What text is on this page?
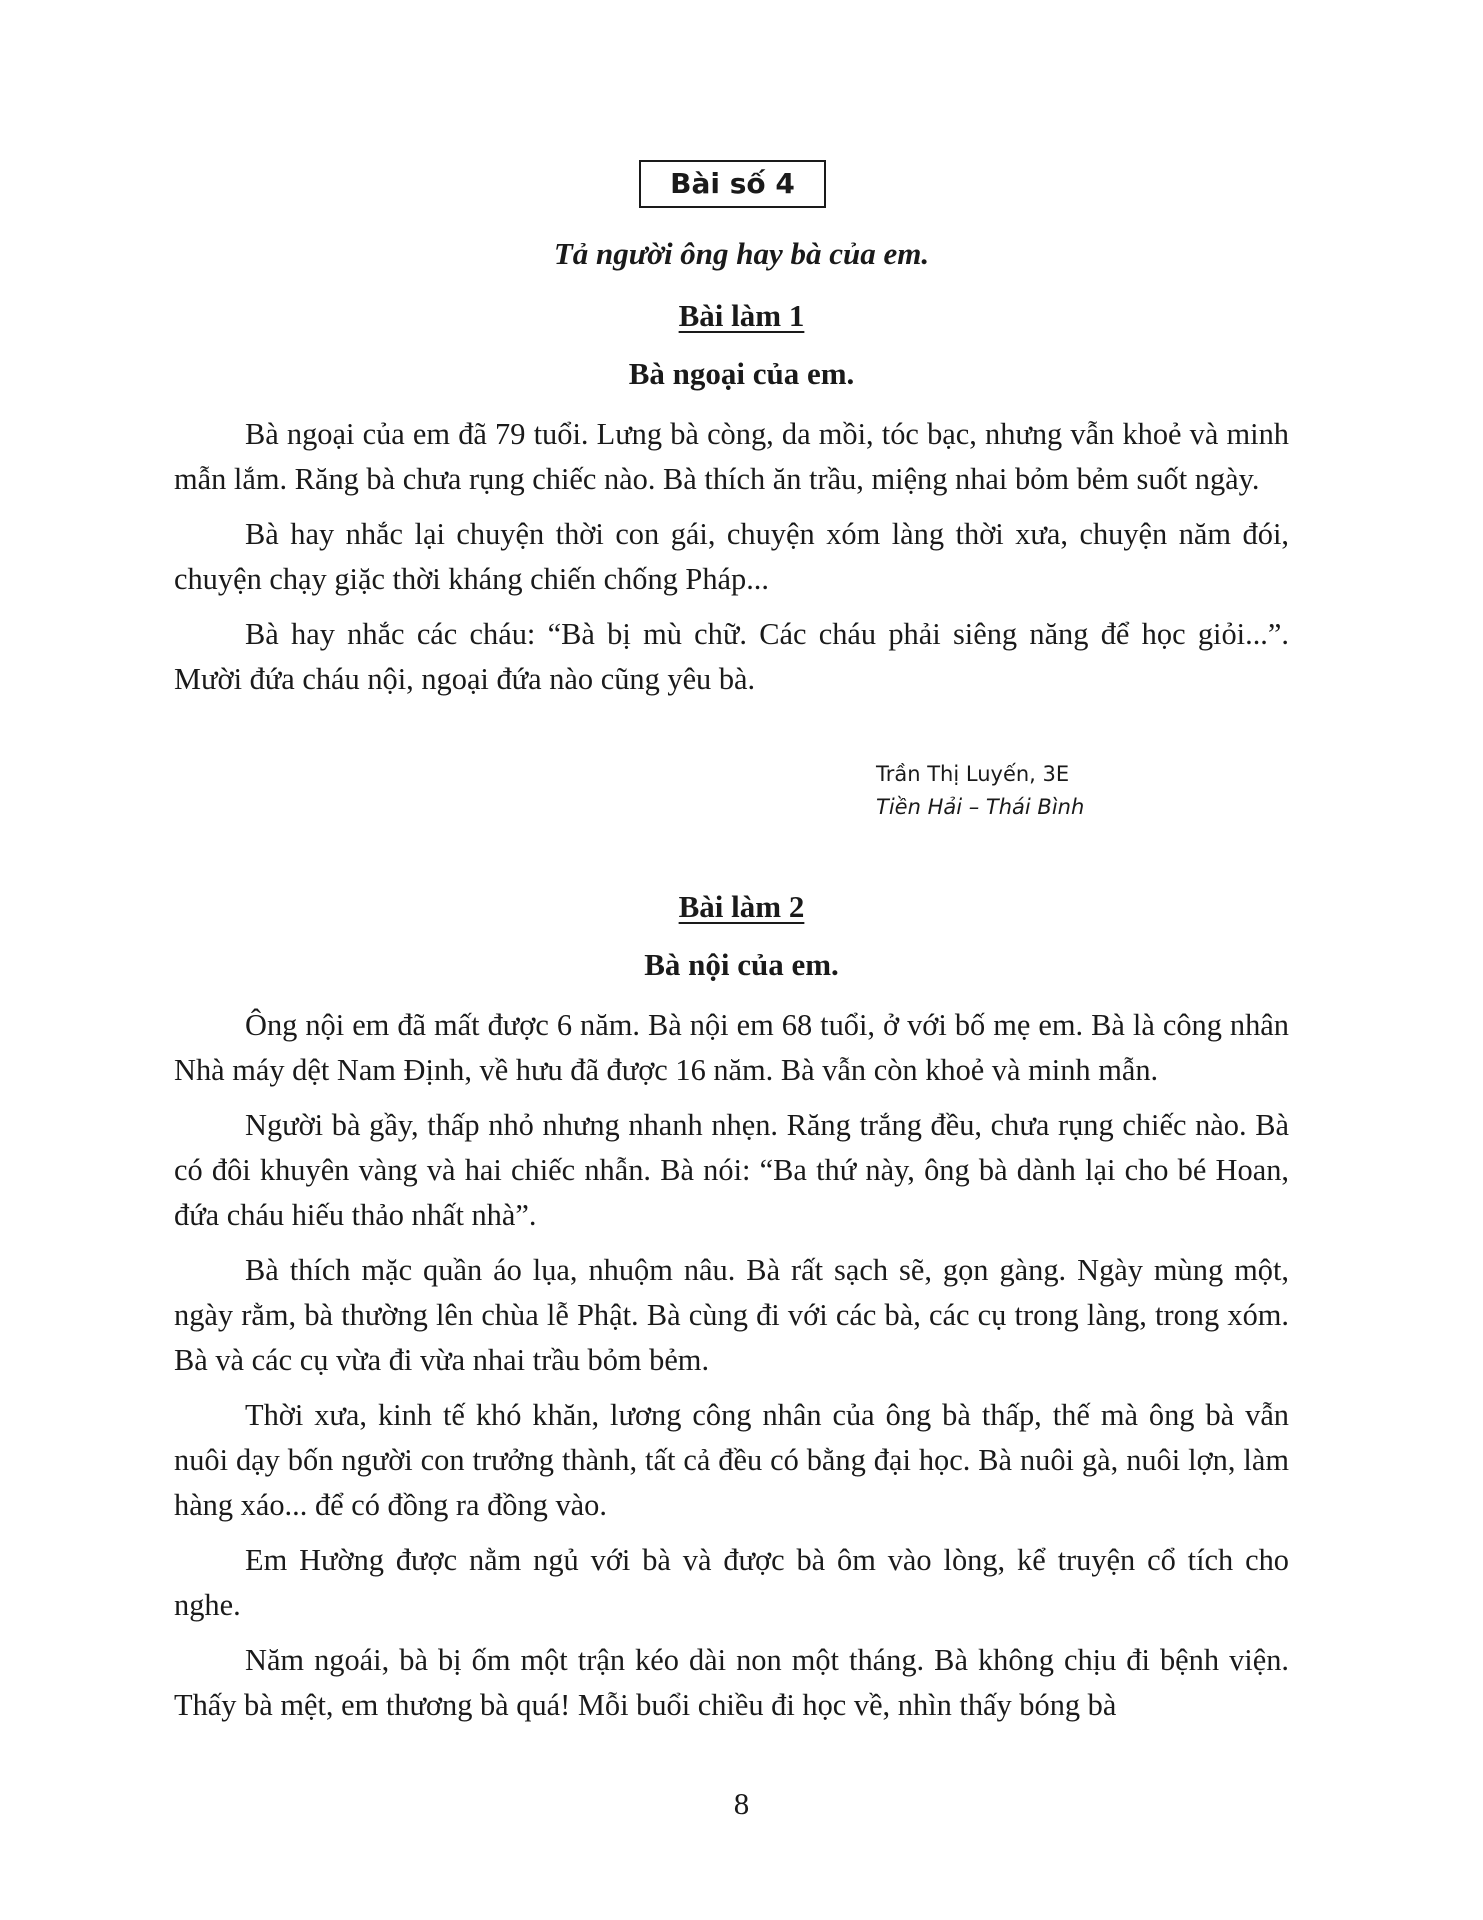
Bài số 4
Tả người ông hay bà của em.
Bài làm 1
Bà ngoại của em.

Bà ngoại của em đã 79 tuổi. Lưng bà còng, da mồi, tóc bạc, nhưng vẫn khoẻ và minh mẫn lắm. Răng bà chưa rụng chiếc nào. Bà thích ăn trầu, miệng nhai bỏm bẻm suốt ngày.

Bà hay nhắc lại chuyện thời con gái, chuyện xóm làng thời xưa, chuyện năm đói, chuyện chạy giặc thời kháng chiến chống Pháp...

Bà hay nhắc các cháu: “Bà bị mù chữ. Các cháu phải siêng năng để học giỏi...”. Mười đứa cháu nội, ngoại đứa nào cũng yêu bà.

Trần Thị Luyến, 3E
Tiền Hải – Thái Bình
Bài làm 2
Bà nội của em.

Ông nội em đã mất được 6 năm. Bà nội em 68 tuổi, ở với bố mẹ em. Bà là công nhân Nhà máy dệt Nam Định, về hưu đã được 16 năm. Bà vẫn còn khoẻ và minh mẫn.

Người bà gầy, thấp nhỏ nhưng nhanh nhẹn. Răng trắng đều, chưa rụng chiếc nào. Bà có đôi khuyên vàng và hai chiếc nhẫn. Bà nói: “Ba thứ này, ông bà dành lại cho bé Hoan, đứa cháu hiếu thảo nhất nhà”.

Bà thích mặc quần áo lụa, nhuộm nâu. Bà rất sạch sẽ, gọn gàng. Ngày mùng một, ngày rằm, bà thường lên chùa lễ Phật. Bà cùng đi với các bà, các cụ trong làng, trong xóm. Bà và các cụ vừa đi vừa nhai trầu bỏm bẻm.

Thời xưa, kinh tế khó khăn, lương công nhân của ông bà thấp, thế mà ông bà vẫn nuôi dạy bốn người con trưởng thành, tất cả đều có bằng đại học. Bà nuôi gà, nuôi lợn, làm hàng xáo... để có đồng ra đồng vào.

Em Hường được nằm ngủ với bà và được bà ôm vào lòng, kể truyện cổ tích cho nghe.

Năm ngoái, bà bị ốm một trận kéo dài non một tháng. Bà không chịu đi bệnh viện. Thấy bà mệt, em thương bà quá! Mỗi buổi chiều đi học về, nhìn thấy bóng bà

8
